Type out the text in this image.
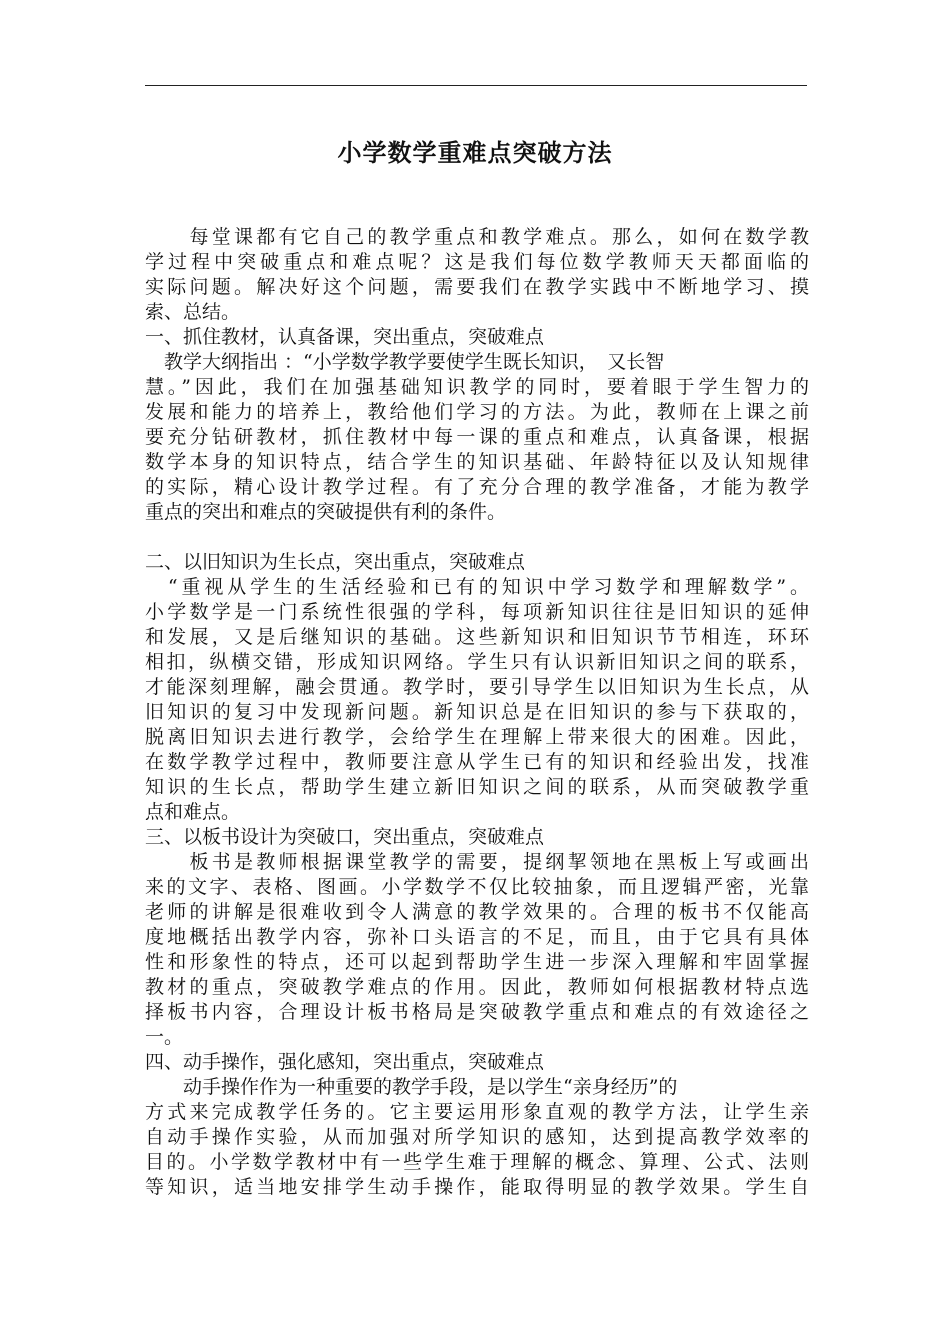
小学数学重难点突破方法
　　每堂课都有它自己的教学重点和教学难点。那么，如何在数学教
学过程中突破重点和难点呢？这是我们每位数学教师天天都面临的
实际问题。解决好这个问题，需要我们在教学实践中不断地学习、摸
索、总结。
一、抓住教材，认真备课，突出重点，突破难点
　教学大纲指出 ：“小学数学教学要使学生既长知识，　又长智
慧。”因此，我们在加强基础知识教学的同时，要着眼于学生智力的
发展和能力的培养上，教给他们学习的方法。为此，教师在上课之前
要充分钻研教材，抓住教材中每一课的重点和难点，认真备课，根据
数学本身的知识特点，结合学生的知识基础、年龄特征以及认知规律
的实际，精心设计教学过程。有了充分合理的教学准备，才能为教学
重点的突出和难点的突破提供有利的条件。
二、以旧知识为生长点，突出重点，突破难点
　“重视从学生的生活经验和已有的知识中学习数学和理解数学”。
小学数学是一门系统性很强的学科，每项新知识往往是旧知识的延伸
和发展，又是后继知识的基础。这些新知识和旧知识节节相连，环环
相扣，纵横交错，形成知识网络。学生只有认识新旧知识之间的联系，
才能深刻理解，融会贯通。教学时，要引导学生以旧知识为生长点，从
旧知识的复习中发现新问题。新知识总是在旧知识的参与下获取的，
脱离旧知识去进行教学，会给学生在理解上带来很大的困难。因此，
在数学教学过程中，教师要注意从学生已有的知识和经验出发，找准
知识的生长点，帮助学生建立新旧知识之间的联系，从而突破教学重
点和难点。
三、以板书设计为突破口，突出重点，突破难点
　　板书是教师根据课堂教学的需要，提纲挈领地在黑板上写或画出
来的文字、表格、图画。小学数学不仅比较抽象，而且逻辑严密，光靠
老师的讲解是很难收到令人满意的教学效果的。合理的板书不仅能高
度地概括出教学内容，弥补口头语言的不足，而且，由于它具有具体
性和形象性的特点，还可以起到帮助学生进一步深入理解和牢固掌握
教材的重点，突破教学难点的作用。因此，教师如何根据教材特点选
择板书内容，合理设计板书格局是突破教学重点和难点的有效途径之
一。
四、动手操作，强化感知，突出重点，突破难点
　　动手操作作为一种重要的教学手段，是以学生“亲身经历”的
方式来完成教学任务的。它主要运用形象直观的教学方法，让学生亲
自动手操作实验，从而加强对所学知识的感知，达到提高教学效率的
目的。小学数学教材中有一些学生难于理解的概念、算理、公式、法则
等知识，适当地安排学生动手操作，能取得明显的教学效果。学生自
